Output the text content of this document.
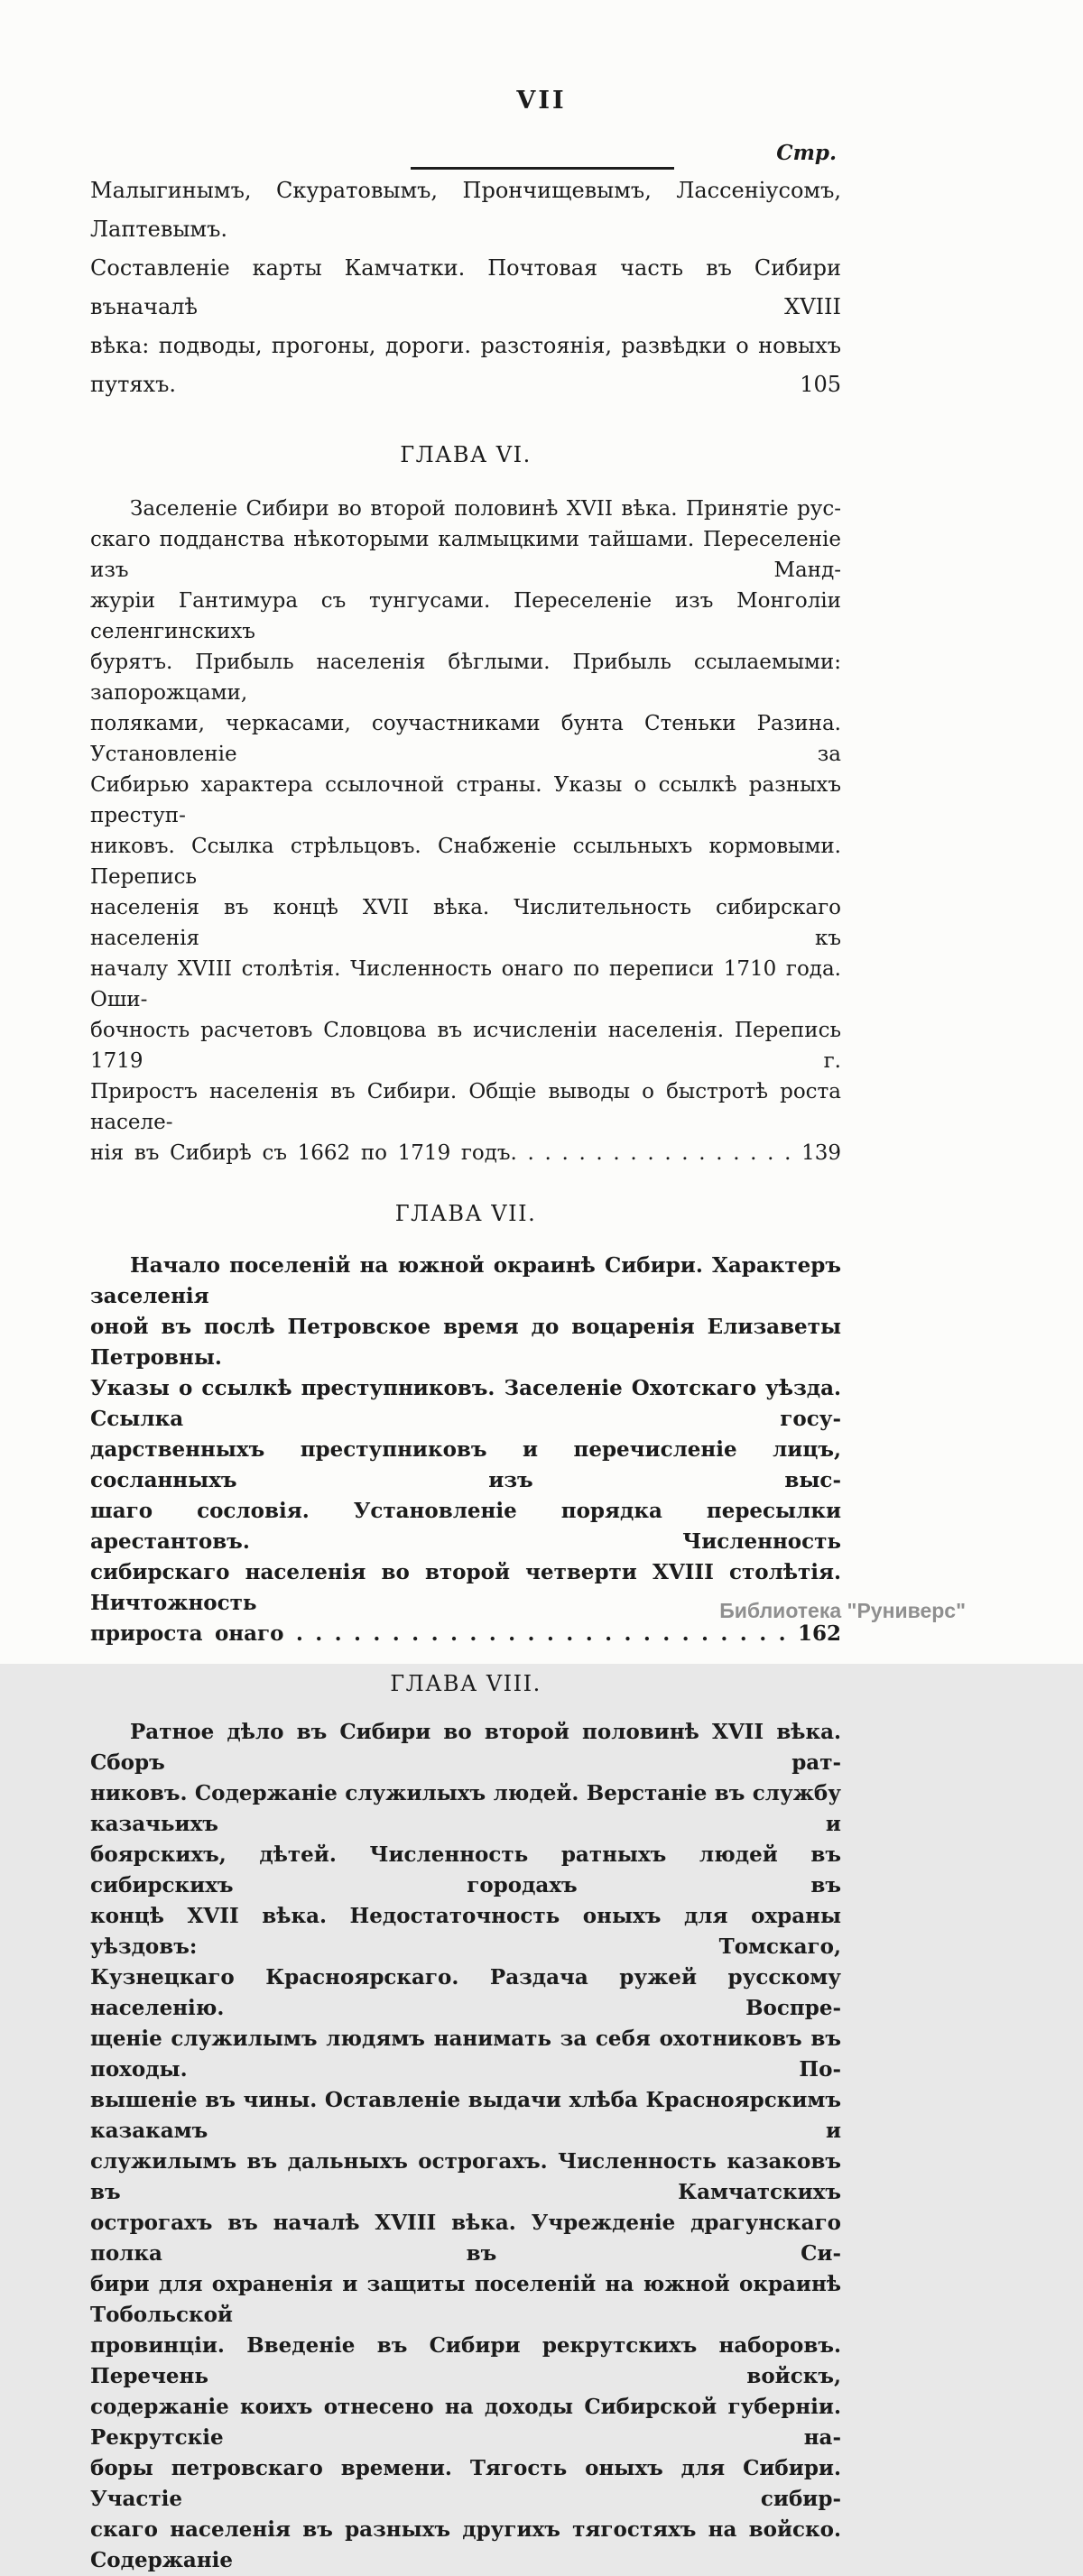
VII
Стр.
Малыгинымъ, Скуратовымъ, Прончищевымъ, Лассеніусомъ, Лаптевымъ.
Составленіе карты Камчатки. Почтовая часть въ Сибири въначалѣ XVIII
вѣка: подводы, прогоны, дороги. разстоянія, развѣдки о новыхъ путяхъ. 105
ГЛАВА VI.
Заселеніе Сибири во второй половинѣ XVII вѣка. Принятіе рус-
скаго подданства нѣкоторыми калмыцкими тайшами. Переселеніе изъ Манд-
журіи Гантимура съ тунгусами. Переселеніе изъ Монголіи селенгинскихъ
бурятъ. Прибыль населенія бѣглыми. Прибыль ссылаемыми: запорожцами,
поляками, черкасами, соучастниками бунта Стеньки Разина. Установленіе за
Сибирью характера ссылочной страны. Указы о ссылкѣ разныхъ преступ-
никовъ. Ссылка стрѣльцовъ. Снабженіе ссыльныхъ кормовыми. Перепись
населенія въ концѣ XVII вѣка. Числительность сибирскаго населенія къ
началу XVIII столѣтія. Численность онаго по переписи 1710 года. Оши-
бочность расчетовъ Словцова въ исчисленіи населенія. Перепись 1719 г.
Приростъ населенія въ Сибири. Общіе выводы о быстротѣ роста населе-
нія въ Сибирѣ съ 1662 по 1719 годъ. . . . . . . . . . . . . . . . . 139
ГЛАВА VII.
Начало поселеній на южной окраинѣ Сибири. Характеръ заселенія
оной въ послѣ Петровское время до воцаренія Елизаветы Петровны.
Указы о ссылкѣ преступниковъ. Заселеніе Охотскаго уѣзда. Ссылка госу-
дарственныхъ преступниковъ и перечисленіе лицъ, сосланныхъ изъ выс-
шаго сословія. Установленіе порядка пересылки арестантовъ. Численность
сибирскаго населенія во второй четверти XVIII столѣтія. Ничтожность
прироста онаго . . . . . . . . . . . . . . . . . . . . . . . . . . 162
ГЛАВА VIII.
Ратное дѣло въ Сибири во второй половинѣ XVII вѣка. Сборъ рат-
никовъ. Содержаніе служилыхъ людей. Верстаніе въ службу казачьихъ и
боярскихъ, дѣтей. Численность ратныхъ людей въ сибирскихъ городахъ въ
концѣ XVII вѣка. Недостаточность оныхъ для охраны уѣздовъ: Томскаго,
Кузнецкаго Красноярскаго. Раздача ружей русскому населенію. Воспре-
щеніе служилымъ людямъ нанимать за себя охотниковъ въ походы. По-
вышеніе въ чины. Оставленіе выдачи хлѣба Красноярскимъ казакамъ и
служилымъ въ дальныхъ острогахъ. Численность казаковъ въ Камчатскихъ
острогахъ въ началѣ XVIII вѣка. Учрежденіе драгунскаго полка въ Си-
бири для охраненія и защиты поселеній на южной окраинѣ Тобольской
провинціи. Введеніе въ Сибири рекрутскихъ наборовъ. Перечень войскъ,
содержаніе коихъ отнесено на доходы Сибирской губерніи. Рекрутскіе на-
боры петровскаго времени. Тягость оныхъ для Сибири. Участіе сибир-
скаго населенія въ разныхъ другихъ тягостяхъ на войско. Содержаніе
Библиотека "Руниверс"
